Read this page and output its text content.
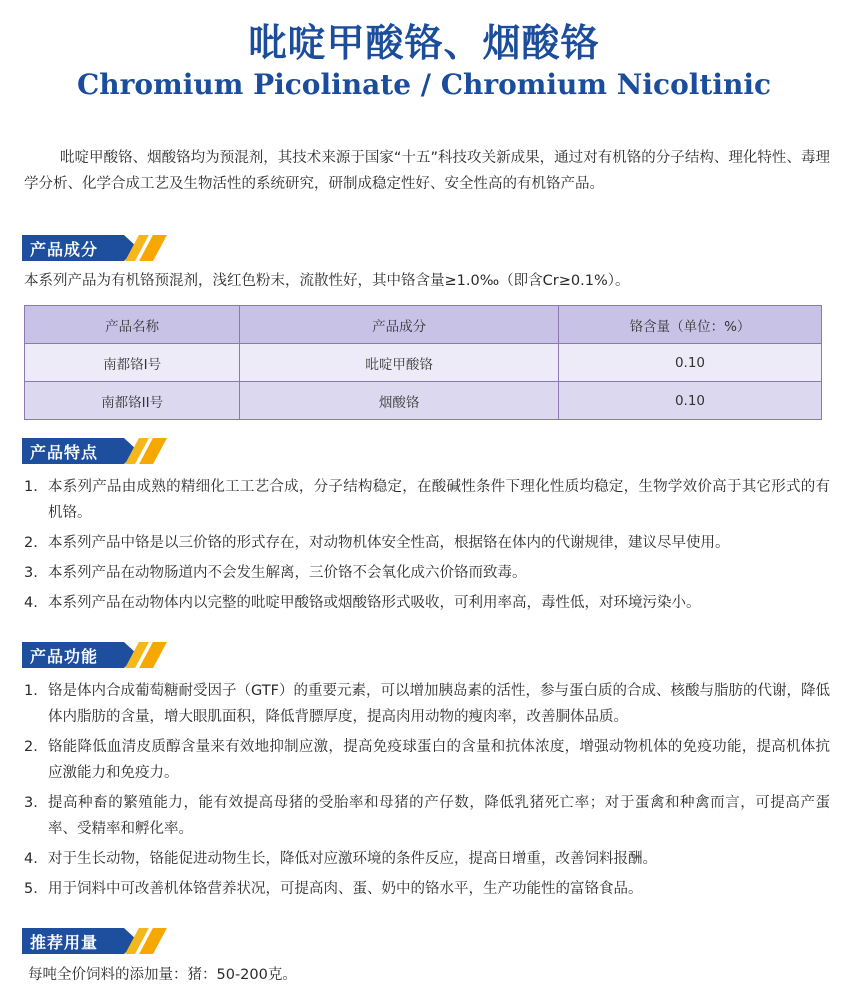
吡啶甲酸铬、烟酸铬
Chromium Picolinate / Chromium Nicoltinic
吡啶甲酸铬、烟酸铬均为预混剂，其技术来源于国家“十五”科技攻关新成果，通过对有机铬的分子结构、理化特性、毒理学分析、化学合成工艺及生物活性的系统研究，研制成稳定性好、安全性高的有机铬产品。
产品成分
本系列产品为有机铬预混剂，浅红色粉末，流散性好，其中铬含量≥1.0‰（即含Cr≥0.1%）。
产品名称	产品成分	铬含量（单位：%）
南都铬I号	吡啶甲酸铬	0.10
南都铬II号	烟酸铬	0.10
产品特点
1. 本系列产品由成熟的精细化工工艺合成，分子结构稳定，在酸碱性条件下理化性质均稳定，生物学效价高于其它形式的有机铬。
2. 本系列产品中铬是以三价铬的形式存在，对动物机体安全性高，根据铬在体内的代谢规律，建议尽早使用。
3. 本系列产品在动物肠道内不会发生解离，三价铬不会氧化成六价铬而致毒。
4. 本系列产品在动物体内以完整的吡啶甲酸铬或烟酸铬形式吸收，可利用率高，毒性低，对环境污染小。
产品功能
1. 铬是体内合成葡萄糖耐受因子（GTF）的重要元素，可以增加胰岛素的活性，参与蛋白质的合成、核酸与脂肪的代谢，降低体内脂肪的含量，增大眼肌面积，降低背膘厚度，提高肉用动物的瘦肉率，改善胴体品质。
2. 铬能降低血清皮质醇含量来有效地抑制应激，提高免疫球蛋白的含量和抗体浓度，增强动物机体的免疫功能，提高机体抗应激能力和免疫力。
3. 提高种畜的繁殖能力，能有效提高母猪的受胎率和母猪的产仔数，降低乳猪死亡率；对于蛋禽和种禽而言，可提高产蛋率、受精率和孵化率。
4. 对于生长动物，铬能促进动物生长，降低对应激环境的条件反应，提高日增重，改善饲料报酬。
5. 用于饲料中可改善机体铬营养状况，可提高肉、蛋、奶中的铬水平，生产功能性的富铬食品。
推荐用量
每吨全价饲料的添加量：猪：50-200克。
